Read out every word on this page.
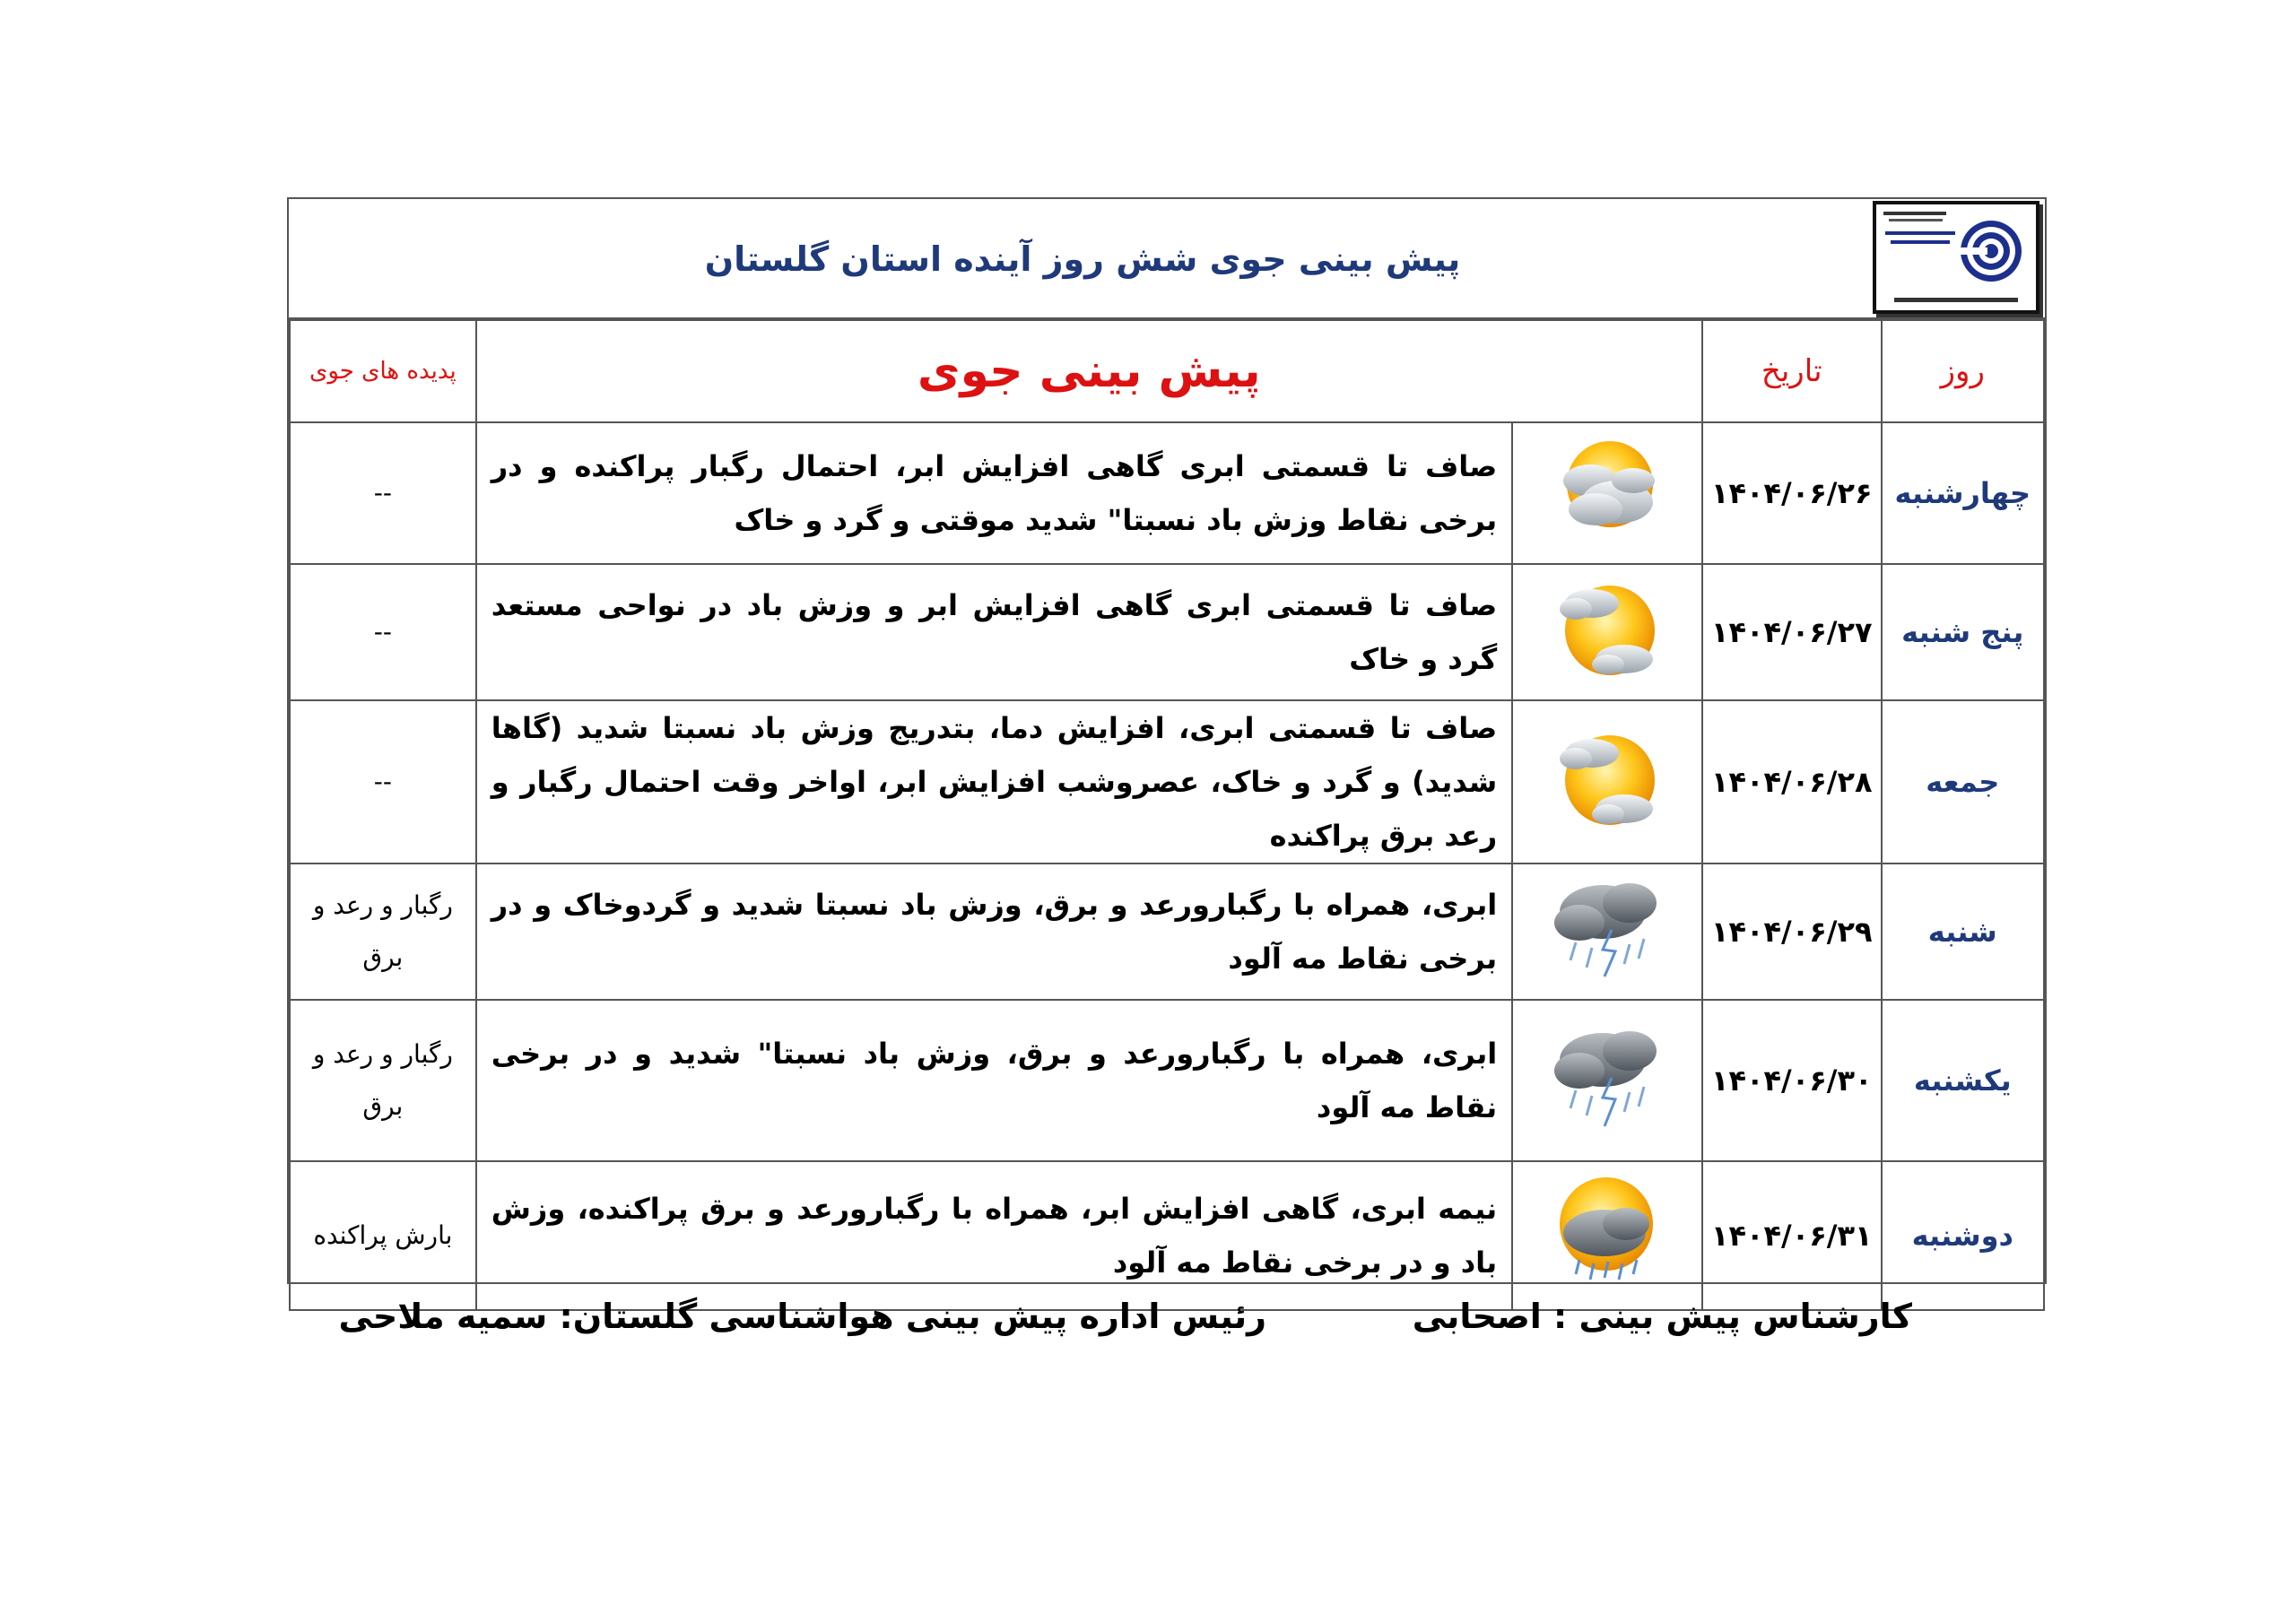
پیش بینی جوی شش روز آینده استان گلستان
روز	تاریخ	پیش بینی جوی		پدیده های جوی
چهارشنبه	۱۴۰۴/۰۶/۲۶		صاف تا قسمتی ابری گاهی افزایش ابر، احتمال رگبار پراکنده و در برخی نقاط وزش باد نسبتا" شدید موقتی و گرد و خاک	--
پنج شنبه	۱۴۰۴/۰۶/۲۷		صاف تا قسمتی ابری گاهی افزایش ابر و وزش باد در نواحی مستعد گرد و خاک	--
جمعه	۱۴۰۴/۰۶/۲۸		صاف تا قسمتی ابری، افزایش دما، بتدریج وزش باد نسبتا شدید (گاها شدید) و گرد و خاک، عصروشب افزایش ابر، اواخر وقت احتمال رگبار و رعد برق پراکنده	--
شنبه	۱۴۰۴/۰۶/۲۹		ابری، همراه با رگبارورعد و برق، وزش باد نسبتا شدید و گردوخاک و در برخی نقاط مه آلود	رگبار و رعد و برق
یکشنبه	۱۴۰۴/۰۶/۳۰		ابری، همراه با رگبارورعد و برق، وزش باد نسبتا" شدید و در برخی نقاط مه آلود	رگبار و رعد و برق
دوشنبه	۱۴۰۴/۰۶/۳۱		نیمه ابری، گاهی افزایش ابر، همراه با رگبارورعد و برق پراکنده، وزش باد و در برخی نقاط مه آلود	بارش پراکنده
کارشناس پیش بینی : اصحابی
رئیس اداره پیش بینی هواشناسی گلستان: سمیه ملاحی
